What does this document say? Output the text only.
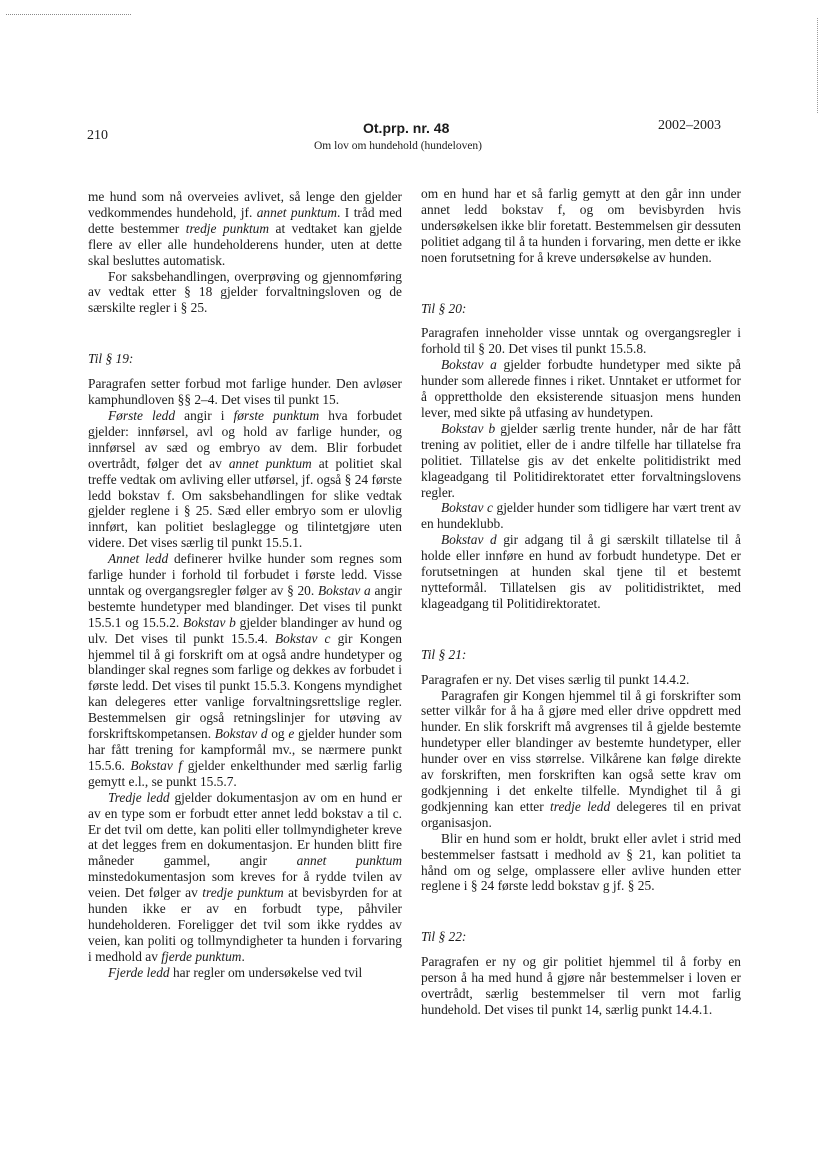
210	Ot.prp. nr. 48
Om lov om hundehold (hundeloven)
2002–2003

me hund som nå overveies avlivet, så lenge den gjelder vedkommendes hundehold, jf. annet punktum. I tråd med dette bestemmer tredje punktum at vedtaket kan gjelde flere av eller alle hundeholderens hunder, uten at dette skal besluttes automatisk.

For saksbehandlingen, overprøving og gjennomføring av vedtak etter § 18 gjelder forvaltningsloven og de særskilte regler i § 25.

Til § 19:

Paragrafen setter forbud mot farlige hunder. Den avløser kamphundloven §§ 2–4. Det vises til punkt 15.

Første ledd angir i første punktum hva forbudet gjelder: innførsel, avl og hold av farlige hunder, og innførsel av sæd og embryo av dem. Blir forbudet overtrådt, følger det av annet punktum at politiet skal treffe vedtak om avliving eller utførsel, jf. også § 24 første ledd bokstav f. Om saksbehandlingen for slike vedtak gjelder reglene i § 25. Sæd eller embryo som er ulovlig innført, kan politiet beslaglegge og tilintetgjøre uten videre. Det vises særlig til punkt 15.5.1.

Annet ledd definerer hvilke hunder som regnes som farlige hunder i forhold til forbudet i første ledd. Visse unntak og overgangsregler følger av § 20. Bokstav a angir bestemte hundetyper med blandinger. Det vises til punkt 15.5.1 og 15.5.2. Bokstav b gjelder blandinger av hund og ulv. Det vises til punkt 15.5.4. Bokstav c gir Kongen hjemmel til å gi forskrift om at også andre hundetyper og blandinger skal regnes som farlige og dekkes av forbudet i første ledd. Det vises til punkt 15.5.3. Kongens myndighet kan delegeres etter vanlige forvaltningsrettslige regler. Bestemmelsen gir også retningslinjer for utøving av forskriftskompetansen. Bokstav d og e gjelder hunder som har fått trening for kampformål mv., se nærmere punkt 15.5.6. Bokstav f gjelder enkelthunder med særlig farlig gemytt e.l., se punkt 15.5.7.

Tredje ledd gjelder dokumentasjon av om en hund er av en type som er forbudt etter annet ledd bokstav a til c. Er det tvil om dette, kan politi eller tollmyndigheter kreve at det legges frem en dokumentasjon. Er hunden blitt fire måneder gammel, angir annet punktum minstedokumentasjon som kreves for å rydde tvilen av veien. Det følger av tredje punktum at bevisbyrden for at hunden ikke er av en forbudt type, påhviler hundeholderen. Foreligger det tvil som ikke ryddes av veien, kan politi og tollmyndigheter ta hunden i forvaring i medhold av fjerde punktum.

Fjerde ledd har regler om undersøkelse ved tvil

om en hund har et så farlig gemytt at den går inn under annet ledd bokstav f, og om bevisbyrden hvis undersøkelsen ikke blir foretatt. Bestemmelsen gir dessuten politiet adgang til å ta hunden i forvaring, men dette er ikke noen forutsetning for å kreve undersøkelse av hunden.

Til § 20:

Paragrafen inneholder visse unntak og overgangsregler i forhold til § 20. Det vises til punkt 15.5.8.

Bokstav a gjelder forbudte hundetyper med sikte på hunder som allerede finnes i riket. Unntaket er utformet for å opprettholde den eksisterende situasjon mens hunden lever, med sikte på utfasing av hundetypen.

Bokstav b gjelder særlig trente hunder, når de har fått trening av politiet, eller de i andre tilfelle har tillatelse fra politiet. Tillatelse gis av det enkelte politidistrikt med klageadgang til Politidirektoratet etter forvaltningslovens regler.

Bokstav c gjelder hunder som tidligere har vært trent av en hundeklubb.

Bokstav d gir adgang til å gi særskilt tillatelse til å holde eller innføre en hund av forbudt hundetype. Det er forutsetningen at hunden skal tjene til et bestemt nytteformål. Tillatelsen gis av politidistriktet, med klageadgang til Politidirektoratet.

Til § 21:

Paragrafen er ny. Det vises særlig til punkt 14.4.2.

Paragrafen gir Kongen hjemmel til å gi forskrifter som setter vilkår for å ha å gjøre med eller drive oppdrett med hunder. En slik forskrift må avgrenses til å gjelde bestemte hundetyper eller blandinger av bestemte hundetyper, eller hunder over en viss størrelse. Vilkårene kan følge direkte av forskriften, men forskriften kan også sette krav om godkjenning i det enkelte tilfelle. Myndighet til å gi godkjenning kan etter tredje ledd delegeres til en privat organisasjon.

Blir en hund som er holdt, brukt eller avlet i strid med bestemmelser fastsatt i medhold av § 21, kan politiet ta hånd om og selge, omplassere eller avlive hunden etter reglene i § 24 første ledd bokstav g jf. § 25.

Til § 22:

Paragrafen er ny og gir politiet hjemmel til å forby en person å ha med hund å gjøre når bestemmelser i loven er overtrådt, særlig bestemmelser til vern mot farlig hundehold. Det vises til punkt 14, særlig punkt 14.4.1.
